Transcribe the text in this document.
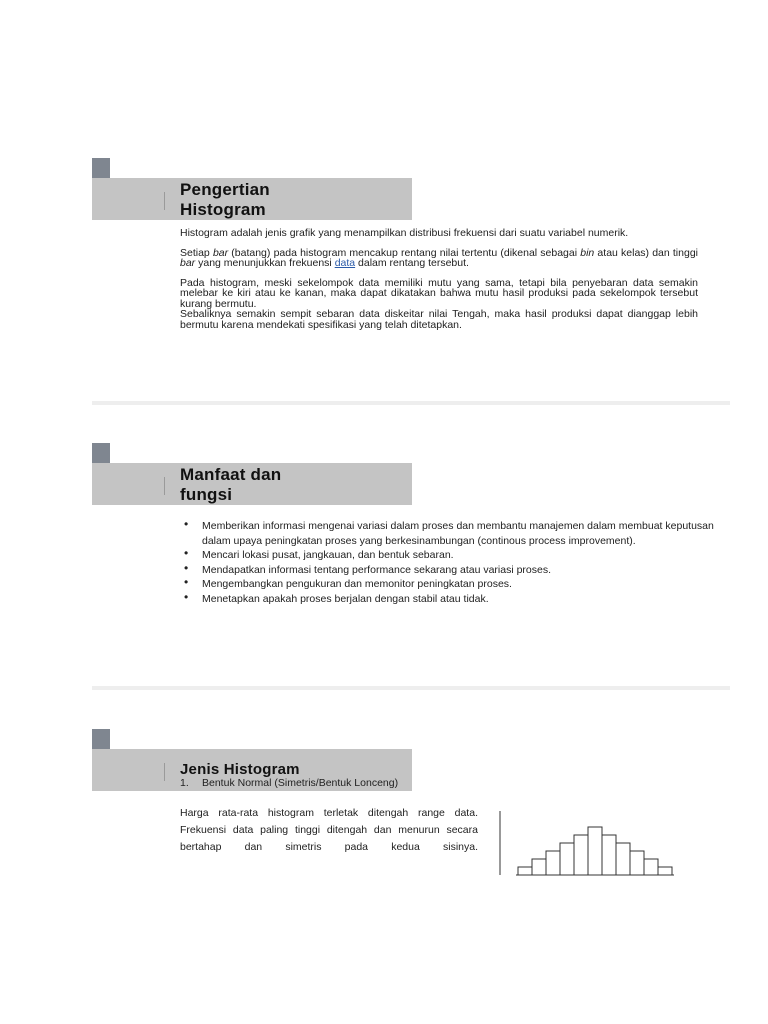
Pengertian
Histogram

Histogram adalah jenis grafik yang menampilkan distribusi frekuensi dari suatu variabel numerik.

Setiap bar (batang) pada histogram mencakup rentang nilai tertentu (dikenal sebagai bin atau kelas) dan tinggi bar yang menunjukkan frekuensi data dalam rentang tersebut.

Pada histogram, meski sekelompok data memiliki mutu yang sama, tetapi bila penyebaran data semakin melebar ke kiri atau ke kanan, maka dapat dikatakan bahwa mutu hasil produksi pada sekelompok tersebut kurang bermutu.
Sebaliknya semakin sempit sebaran data diskeitar nilai Tengah, maka hasil produksi dapat dianggap lebih bermutu karena mendekati spesifikasi yang telah ditetapkan.

Manfaat dan
fungsi
• Memberikan informasi mengenai variasi dalam proses dan membantu manajemen dalam membuat keputusan dalam upaya peningkatan proses yang berkesinambungan (continous process improvement).
• Mencari lokasi pusat, jangkauan, dan bentuk sebaran.
• Mendapatkan informasi tentang performance sekarang atau variasi proses.
• Mengembangkan pengukuran dan memonitor peningkatan proses.
• Menetapkan apakah proses berjalan dengan stabil atau tidak.
Jenis Histogram
1. Bentuk Normal (Simetris/Bentuk Lonceng)
Harga rata-rata histogram terletak ditengah range data. Frekuensi data paling tinggi ditengah dan menurun secara bertahap dan simetris pada kedua sisinya.
